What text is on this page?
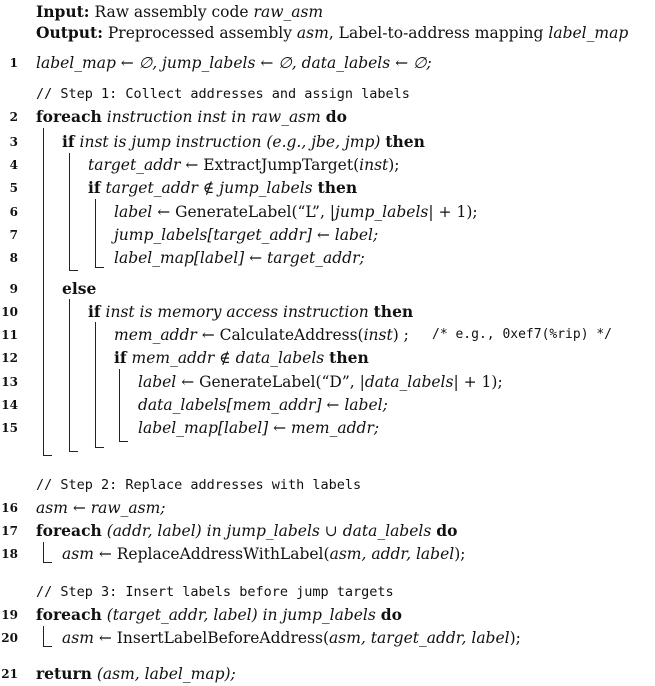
Input: Raw assembly code raw_asm
Output: Preprocessed assembly asm, Label-to-address mapping label_map
1 label_map ← ∅, jump_labels ← ∅, data_labels ← ∅;
// Step 1: Collect addresses and assign labels
2 foreach instruction inst in raw_asm do
3	if inst is jump instruction (e.g., jbe, jmp) then
4	target_addr ← ExtractJumpTarget(inst);
5	if target_addr ∉ jump_labels then
6	label ← GenerateLabel(“L”, |jump_labels| + 1);
7	jump_labels[target_addr] ← label;
8	label_map[label] ← target_addr;
9	else
10	if inst is memory access instruction then
11	mem_addr ← CalculateAddress(inst) ; /* e.g., 0xef7(%rip) */
12	if mem_addr ∉ data_labels then
13	label ← GenerateLabel(“D”, |data_labels| + 1);
14	data_labels[mem_addr] ← label;
15	label_map[label] ← mem_addr;
// Step 2: Replace addresses with labels
16 asm ← raw_asm;
17 foreach (addr, label) in jump_labels ∪ data_labels do
18	asm ← ReplaceAddressWithLabel(asm, addr, label);
// Step 3: Insert labels before jump targets
19 foreach (target_addr, label) in jump_labels do
20	asm ← InsertLabelBeforeAddress(asm, target_addr, label);
21 return (asm, label_map);
